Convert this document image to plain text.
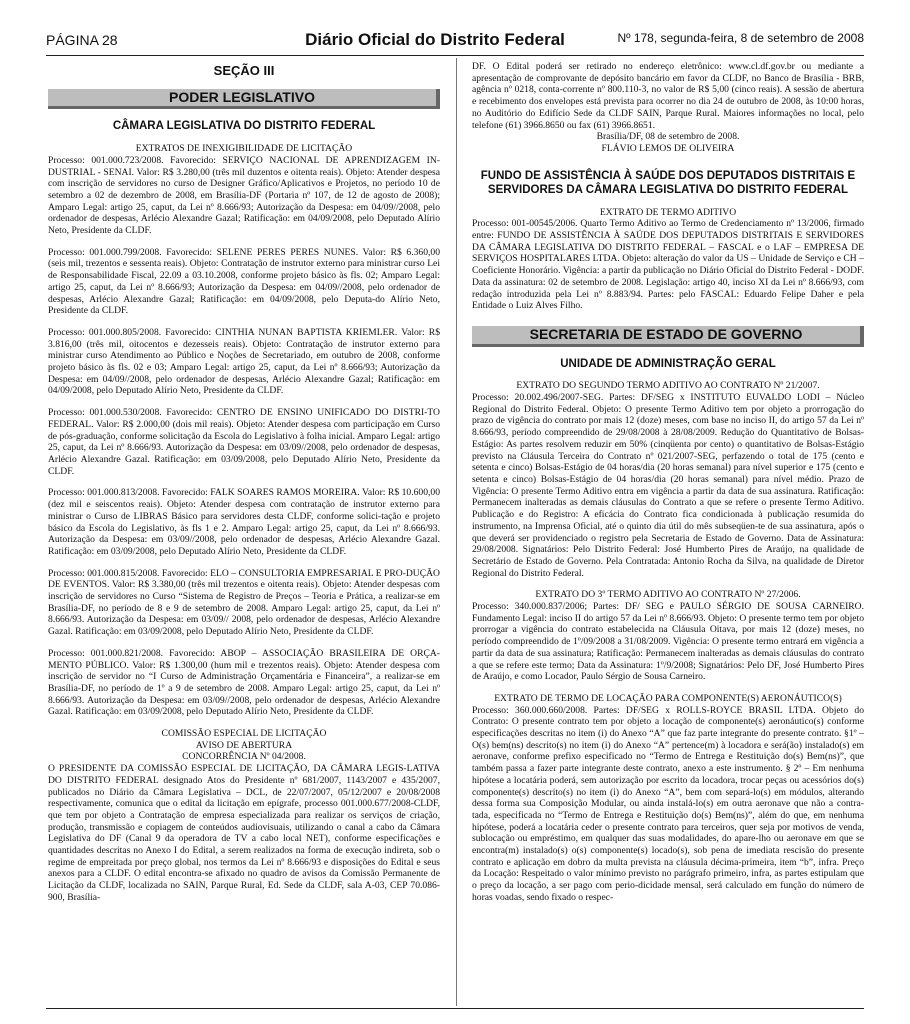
PÁGINA 28	Diário Oficial do Distrito Federal	Nº 178, segunda-feira, 8 de setembro de 2008
SEÇÃO III
PODER LEGISLATIVO
CÂMARA LEGISLATIVA DO DISTRITO FEDERAL
EXTRATOS DE INEXIGIBILIDADE DE LICITAÇÃO

Processo: 001.000.723/2008. Favorecido: SERVIÇO NACIONAL DE APRENDIZAGEM IN-DUSTRIAL - SENAI. Valor: R$ 3.280,00 (três mil duzentos e oitenta reais). Objeto: Atender despesa com inscrição de servidores no curso de Designer Gráfico/Aplicativos e Projetos, no período 10 de setembro a 02 de dezembro de 2008, em Brasília-DF (Portaria nº 107, de 12 de agosto de 2008); Amparo Legal: artigo 25, caput, da Lei nº 8.666/93; Autorização da Despesa: em 04/09//2008, pelo ordenador de despesas, Arlécio Alexandre Gazal; Ratificação: em 04/09/2008, pelo Deputado Alírio Neto, Presidente da CLDF.

Processo: 001.000.799/2008. Favorecido: SELENE PERES PERES NUNES. Valor: R$ 6.360,00 (seis mil, trezentos e sessenta reais). Objeto: Contratação de instrutor externo para ministrar curso Lei de Responsabilidade Fiscal, 22.09 a 03.10.2008, conforme projeto básico às fls. 02; Amparo Legal: artigo 25, caput, da Lei nº 8.666/93; Autorização da Despesa: em 04/09//2008, pelo ordenador de despesas, Arlécio Alexandre Gazal; Ratificação: em 04/09/2008, pelo Deputa-do Alírio Neto, Presidente da CLDF.

Processo: 001.000.805/2008. Favorecido: CINTHIA NUNAN BAPTISTA KRIEMLER. Valor: R$ 3.816,00 (três mil, oitocentos e dezesseis reais). Objeto: Contratação de instrutor externo para ministrar curso Atendimento ao Público e Noções de Secretariado, em outubro de 2008, conforme projeto básico às fls. 02 e 03; Amparo Legal: artigo 25, caput, da Lei nº 8.666/93; Autorização da Despesa: em 04/09//2008, pelo ordenador de despesas, Arlécio Alexandre Gazal; Ratificação: em 04/09/2008, pelo Deputado Alírio Neto, Presidente da CLDF.

Processo: 001.000.530/2008. Favorecido: CENTRO DE ENSINO UNIFICADO DO DISTRI-TO FEDERAL. Valor: R$ 2.000,00 (dois mil reais). Objeto: Atender despesa com participação em Curso de pós-graduação, conforme solicitação da Escola do Legislativo à folha inicial. Amparo Legal: artigo 25, caput, da Lei nº 8.666/93. Autorização da Despesa: em 03/09//2008, pelo ordenador de despesas, Arlécio Alexandre Gazal. Ratificação: em 03/09/2008, pelo Deputado Alírio Neto, Presidente da CLDF.

Processo: 001.000.813/2008. Favorecido: FALK SOARES RAMOS MOREIRA. Valor: R$ 10.600,00 (dez mil e seiscentos reais). Objeto: Atender despesa com contratação de instrutor externo para ministrar o Curso de LIBRAS Básico para servidores desta CLDF, conforme solici-tação e projeto básico da Escola do Legislativo, às fls 1 e 2. Amparo Legal: artigo 25, caput, da Lei nº 8.666/93. Autorização da Despesa: em 03/09//2008, pelo ordenador de despesas, Arlécio Alexandre Gazal. Ratificação: em 03/09/2008, pelo Deputado Alírio Neto, Presidente da CLDF.

Processo: 001.000.815/2008. Favorecido: ELO – CONSULTORIA EMPRESARIAL E PRO-DUÇÃO DE EVENTOS. Valor: R$ 3.380,00 (três mil trezentos e oitenta reais). Objeto: Atender despesas com inscrição de servidores no Curso “Sistema de Registro de Preços – Teoria e Prática, a realizar-se em Brasília-DF, no período de 8 e 9 de setembro de 2008. Amparo Legal: artigo 25, caput, da Lei nº 8.666/93. Autorização da Despesa: em 03/09// 2008, pelo ordenador de despesas, Arlécio Alexandre Gazal. Ratificação: em 03/09/2008, pelo Deputado Alírio Neto, Presidente da CLDF.

Processo: 001.000.821/2008. Favorecido: ABOP – ASSOCIAÇÃO BRASILEIRA DE ORÇA-MENTO PÚBLICO. Valor: R$ 1.300,00 (hum mil e trezentos reais). Objeto: Atender despesa com inscrição de servidor no “I Curso de Administração Orçamentária e Financeira”, a realizar-se em Brasília-DF, no período de 1º a 9 de setembro de 2008. Amparo Legal: artigo 25, caput, da Lei nº 8.666/93. Autorização da Despesa: em 03/09//2008, pelo ordenador de despesas, Arlécio Alexandre Gazal. Ratificação: em 03/09/2008, pelo Deputado Alírio Neto, Presidente da CLDF.

COMISSÃO ESPECIAL DE LICITAÇÃO
AVISO DE ABERTURA
CONCORRÊNCIA Nº 04/2008.

O PRESIDENTE DA COMISSÃO ESPECIAL DE LICITAÇÃO, DA CÂMARA LEGIS-LATIVA DO DISTRITO FEDERAL designado Atos do Presidente nº 681/2007, 1143/2007 e 435/2007, publicados no Diário da Câmara Legislativa – DCL, de 22/07/2007, 05/12/2007 e 20/08/2008 respectivamente, comunica que o edital da licitação em epígrafe, processo 001.000.677/2008-CLDF, que tem por objeto a Contratação de empresa especializada para realizar os serviços de criação, produção, transmissão e copiagem de conteúdos audiovisuais, utilizando o canal a cabo da Câmara Legislativa do DF (Canal 9 da operadora de TV a cabo local NET), conforme especificações e quantidades descritas no Anexo I do Edital, a serem realizados na forma de execução indireta, sob o regime de empreitada por preço global, nos termos da Lei nº 8.666/93 e disposições do Edital e seus anexos para a CLDF. O edital encontra-se afixado no quadro de avisos da Comissão Permanente de Licitação da CLDF, localizada no SAIN, Parque Rural, Ed. Sede da CLDF, sala A-03, CEP 70.086-900, Brasília-

DF. O Edital poderá ser retirado no endereço eletrônico: www.cl.df.gov.br ou mediante a apresentação de comprovante de depósito bancário em favor da CLDF, no Banco de Brasília - BRB, agência nº 0218, conta-corrente nº 800.110-3, no valor de R$ 5,00 (cinco reais). A sessão de abertura e recebimento dos envelopes está prevista para ocorrer no dia 24 de outubro de 2008, às 10:00 horas, no Auditório do Edifício Sede da CLDF SAIN, Parque Rural. Maiores informações no local, pelo telefone (61) 3966.8650 ou fax (61) 3966.8651.

Brasília/DF, 08 de setembro de 2008.

FLÁVIO LEMOS DE OLIVEIRA

FUNDO DE ASSISTÊNCIA À SAÚDE DOS DEPUTADOS DISTRITAIS E SERVIDORES DA CÂMARA LEGISLATIVA DO DISTRITO FEDERAL
EXTRATO DE TERMO ADITIVO

Processo: 001-00545/2006. Quarto Termo Aditivo ao Termo de Credenciamento nº 13/2006, firmado entre: FUNDO DE ASSISTÊNCIA À SAÚDE DOS DEPUTADOS DISTRITAIS E SERVIDORES DA CÂMARA LEGISLATIVA DO DISTRITO FEDERAL – FASCAL e o LAF – EMPRESA DE SERVIÇOS HOSPITALARES LTDA. Objeto: alteração do valor da US – Unidade de Serviço e CH – Coeficiente Honorário. Vigência: a partir da publicação no Diário Oficial do Distrito Federal - DODF. Data da assinatura: 02 de setembro de 2008. Legislação: artigo 40, inciso XI da Lei nº 8.666/93, com redação introduzida pela Lei nº 8.883/94. Partes: pelo FASCAL: Eduardo Felipe Daher e pela Entidade o Luiz Alves Filho.

SECRETARIA DE ESTADO DE GOVERNO
UNIDADE DE ADMINISTRAÇÃO GERAL
EXTRATO DO SEGUNDO TERMO ADITIVO AO CONTRATO Nº 21/2007.

Processo: 20.002.496/2007-SEG. Partes: DF/SEG x INSTITUTO EUVALDO LODI – Núcleo Regional do Distrito Federal. Objeto: O presente Termo Aditivo tem por objeto a prorrogação do prazo de vigência do contrato por mais 12 (doze) meses, com base no inciso II, do artigo 57 da Lei nº 8.666/93, período compreendido de 29/08/2008 à 28/08/2009. Redução do Quantitativo de Bolsas-Estágio: As partes resolvem reduzir em 50% (cinqüenta por cento) o quantitativo de Bolsas-Estágio previsto na Cláusula Terceira do Contrato nº 021/2007-SEG, perfazendo o total de 175 (cento e setenta e cinco) Bolsas-Estágio de 04 horas/dia (20 horas semanal) para nível superior e 175 (cento e setenta e cinco) Bolsas-Estágio de 04 horas/dia (20 horas semanal) para nível médio. Prazo de Vigência: O presente Termo Aditivo entra em vigência a partir da data de sua assinatura. Ratificação: Permanecem inalteradas as demais cláusulas do Contrato a que se refere o presente Termo Aditivo. Publicação e do Registro: A eficácia do Contrato fica condicionada à publicação resumida do instrumento, na Imprensa Oficial, até o quinto dia útil do mês subseqüen-te de sua assinatura, após o que deverá ser providenciado o registro pela Secretaria de Estado de Governo. Data de Assinatura: 29/08/2008. Signatários: Pelo Distrito Federal: José Humberto Pires de Araújo, na qualidade de Secretário de Estado de Governo. Pela Contratada: Antonio Rocha da Silva, na qualidade de Diretor Regional do Distrito Federal.

EXTRATO DO 3º TERMO ADITIVO AO CONTRATO Nº 27/2006.

Processo: 340.000.837/2006; Partes: DF/ SEG e PAULO SÉRGIO DE SOUSA CARNEIRO. Fundamento Legal: inciso II do artigo 57 da Lei nº 8.666/93. Objeto: O presente termo tem por objeto prorrogar a vigência do contrato estabelecida na Cláusula Oitava, por mais 12 (doze) meses, no período compreendido de 1º/09/2008 a 31/08/2009. Vigência: O presente termo entrará em vigência a partir da data de sua assinatura; Ratificação: Permanecem inalteradas as demais cláusulas do contrato a que se refere este termo; Data da Assinatura: 1º/9/2008; Signatários: Pelo DF, José Humberto Pires de Araújo, e como Locador, Paulo Sérgio de Sousa Carneiro.

EXTRATO DE TERMO DE LOCAÇÃO PARA COMPONENTE(S) AERONÁUTICO(S)

Processo: 360.000.660/2008. Partes: DF/SEG x ROLLS-ROYCE BRASIL LTDA. Objeto do Contrato: O presente contrato tem por objeto a locação de componente(s) aeronáutico(s) conforme especificações descritas no item (i) do Anexo “A” que faz parte integrante do presente contrato. §1º – O(s) bem(ns) descrito(s) no item (i) do Anexo “A” pertence(m) à locadora e será(ão) instalado(s) em aeronave, conforme prefixo especificado no “Termo de Entrega e Restituição do(s) Bem(ns)”, que também passa a fazer parte integrante deste contrato, anexo a este instrumento. § 2º – Em nenhuma hipótese a locatária poderá, sem autorização por escrito da locadora, trocar peças ou acessórios do(s) componente(s) descrito(s) no item (i) do Anexo “A”, bem com separá-lo(s) em módulos, alterando dessa forma sua Composição Modular, ou ainda instalá-lo(s) em outra aeronave que não a contra-tada, especificada no “Termo de Entrega e Restituição do(s) Bem(ns)”, além do que, em nenhuma hipótese, poderá a locatária ceder o presente contrato para terceiros, quer seja por motivos de venda, sublocação ou empréstimo, em qualquer das suas modalidades, do apare-lho ou aeronave em que se encontra(m) instalado(s) o(s) componente(s) locado(s), sob pena de imediata rescisão do presente contrato e aplicação em dobro da multa prevista na cláusula décima-primeira, item “b”, infra. Preço da Locação: Respeitado o valor mínimo previsto no parágrafo primeiro, infra, as partes estipulam que o preço da locação, a ser pago com perio-dicidade mensal, será calculado em função do número de horas voadas, sendo fixado o respec-
